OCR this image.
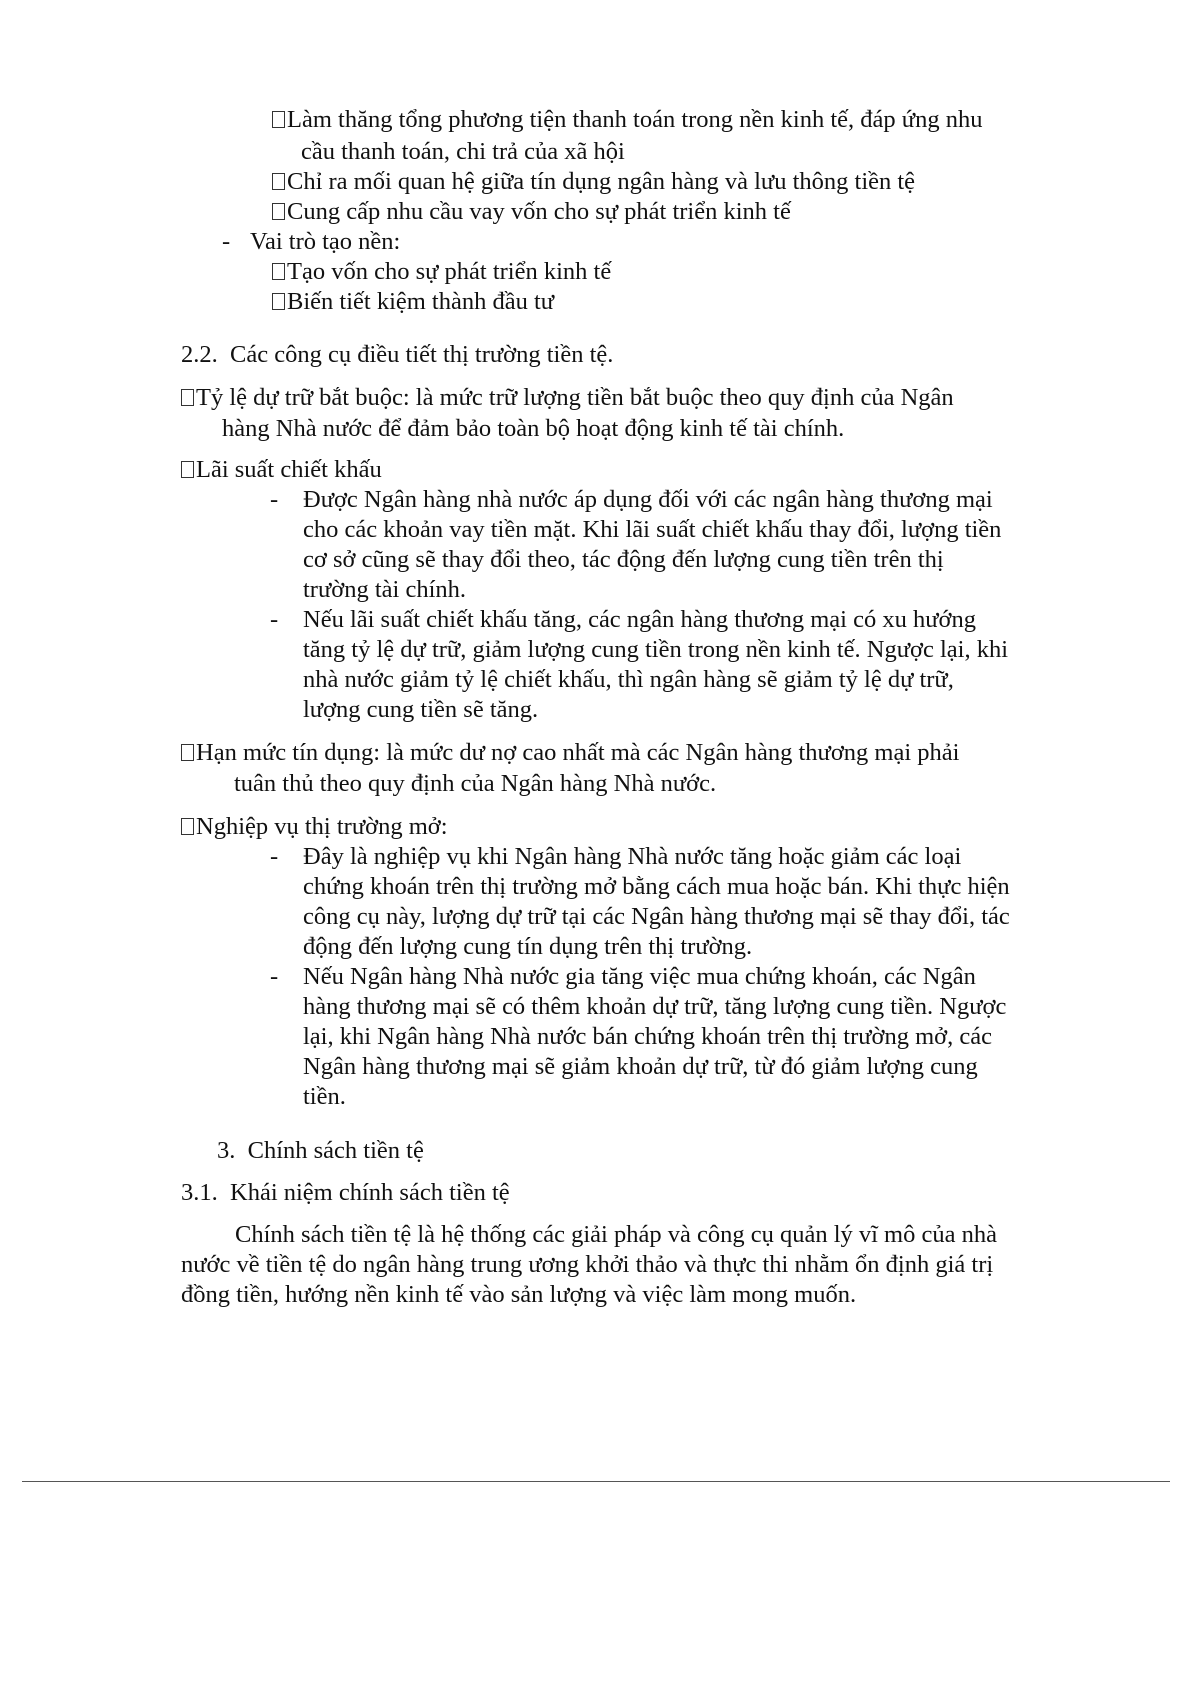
Làm thăng tổng phương tiện thanh toán trong nền kinh tế, đáp ứng nhu
cầu thanh toán, chi trả của xã hội
Chỉ ra mối quan hệ giữa tín dụng ngân hàng và lưu thông tiền tệ
Cung cấp nhu cầu vay vốn cho sự phát triển kinh tế
- Vai trò tạo nền:
Tạo vốn cho sự phát triển kinh tế
Biến tiết kiệm thành đầu tư
2.2.  Các công cụ điều tiết thị trường tiền tệ.
Tỷ lệ dự trữ bắt buộc: là mức trữ lượng tiền bắt buộc theo quy định của Ngân
hàng Nhà nước để đảm bảo toàn bộ hoạt động kinh tế tài chính.
Lãi suất chiết khấu
- Được Ngân hàng nhà nước áp dụng đối với các ngân hàng thương mại
cho các khoản vay tiền mặt. Khi lãi suất chiết khấu thay đổi, lượng tiền
cơ sở cũng sẽ thay đổi theo, tác động đến lượng cung tiền trên thị
trường tài chính.
- Nếu lãi suất chiết khấu tăng, các ngân hàng thương mại có xu hướng
tăng tỷ lệ dự trữ, giảm lượng cung tiền trong nền kinh tế. Ngược lại, khi
nhà nước giảm tỷ lệ chiết khấu, thì ngân hàng sẽ giảm tỷ lệ dự trữ,
lượng cung tiền sẽ tăng.
Hạn mức tín dụng: là mức dư nợ cao nhất mà các Ngân hàng thương mại phải
tuân thủ theo quy định của Ngân hàng Nhà nước.
Nghiệp vụ thị trường mở:
- Đây là nghiệp vụ khi Ngân hàng Nhà nước tăng hoặc giảm các loại
chứng khoán trên thị trường mở bằng cách mua hoặc bán. Khi thực hiện
công cụ này, lượng dự trữ tại các Ngân hàng thương mại sẽ thay đổi, tác
động đến lượng cung tín dụng trên thị trường.
- Nếu Ngân hàng Nhà nước gia tăng việc mua chứng khoán, các Ngân
hàng thương mại sẽ có thêm khoản dự trữ, tăng lượng cung tiền. Ngược
lại, khi Ngân hàng Nhà nước bán chứng khoán trên thị trường mở, các
Ngân hàng thương mại sẽ giảm khoản dự trữ, từ đó giảm lượng cung
tiền.
3.  Chính sách tiền tệ
3.1.  Khái niệm chính sách tiền tệ
Chính sách tiền tệ là hệ thống các giải pháp và công cụ quản lý vĩ mô của nhà
nước về tiền tệ do ngân hàng trung ương khởi thảo và thực thi nhằm ổn định giá trị
đồng tiền, hướng nền kinh tế vào sản lượng và việc làm mong muốn.
